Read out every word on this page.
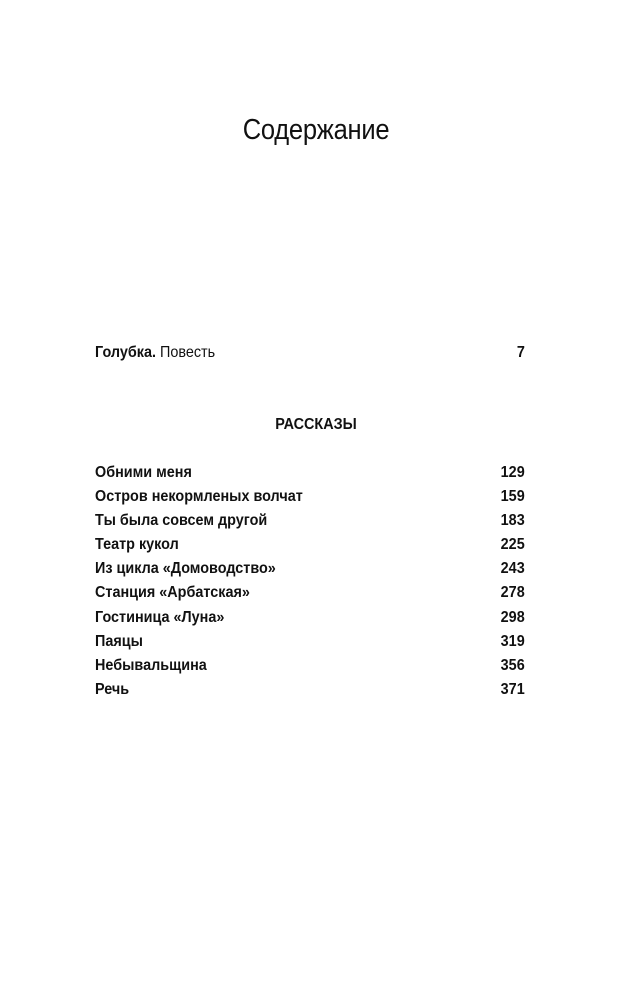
Содержание
Голубка. Повесть	7
РАССКАЗЫ
Обними меня	129
Остров некормленых волчат	159
Ты была совсем другой	183
Театр кукол	225
Из цикла «Домоводство»	243
Станция «Арбатская»	278
Гостиница «Луна»	298
Паяцы	319
Небывальщина	356
Речь	371
